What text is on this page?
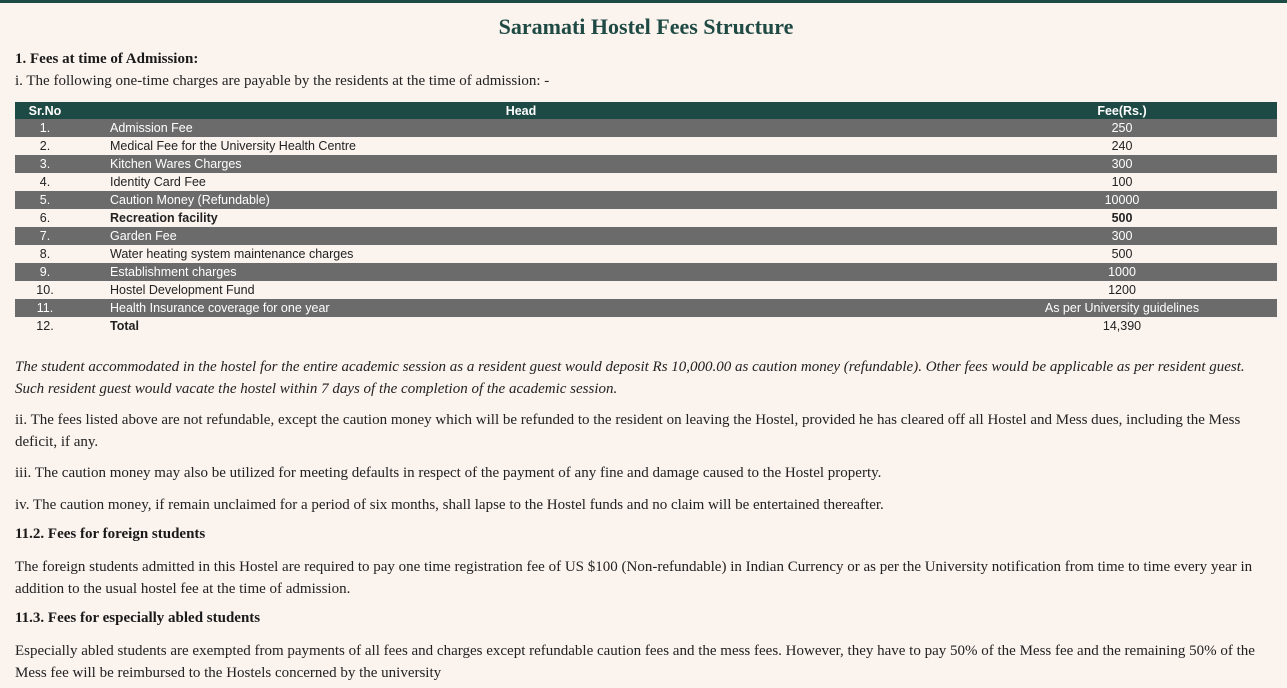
Saramati Hostel Fees Structure
1. Fees at time of Admission:
i. The following one-time charges are payable by the residents at the time of admission: -
Sr.No	Head	Fee(Rs.)
1.	Admission Fee	250
2.	Medical Fee for the University Health Centre	240
3.	Kitchen Wares Charges	300
4.	Identity Card Fee	100
5.	Caution Money (Refundable)	10000
6.	Recreation facility	500
7.	Garden Fee	300
8.	Water heating system maintenance charges	500
9.	Establishment charges	1000
10.	Hostel Development Fund	1200
11.	Health Insurance coverage for one year	As per University guidelines
12.	Total	14,390
The student accommodated in the hostel for the entire academic session as a resident guest would deposit Rs 10,000.00 as caution money (refundable). Other fees would be applicable as per resident guest. Such resident guest would vacate the hostel within 7 days of the completion of the academic session.
ii. The fees listed above are not refundable, except the caution money which will be refunded to the resident on leaving the Hostel, provided he has cleared off all Hostel and Mess dues, including the Mess deficit, if any.
iii. The caution money may also be utilized for meeting defaults in respect of the payment of any fine and damage caused to the Hostel property.
iv. The caution money, if remain unclaimed for a period of six months, shall lapse to the Hostel funds and no claim will be entertained thereafter.
11.2. Fees for foreign students
The foreign students admitted in this Hostel are required to pay one time registration fee of US $100 (Non-refundable) in Indian Currency or as per the University notification from time to time every year in addition to the usual hostel fee at the time of admission.
11.3. Fees for especially abled students
Especially abled students are exempted from payments of all fees and charges except refundable caution fees and the mess fees. However, they have to pay 50% of the Mess fee and the remaining 50% of the Mess fee will be reimbursed to the Hostels concerned by the university
